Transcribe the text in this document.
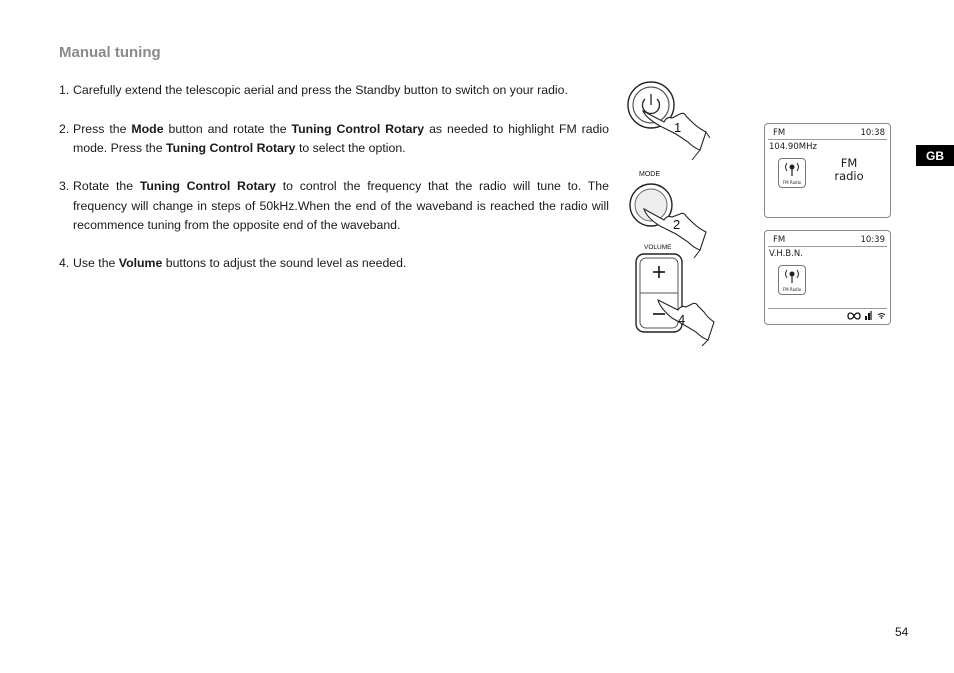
Manual tuning
1. Carefully extend the telescopic aerial and press the Standby button to switch on your radio.
2. Press the Mode button and rotate the Tuning Control Rotary as needed to highlight FM radio mode. Press the Tuning Control Rotary to select the option.
3. Rotate the Tuning Control Rotary to control the frequency that the radio will tune to. The frequency will change in steps of 50kHz.When the end of the waveband is reached the radio will recommence tuning from the opposite end of the waveband.
4. Use the Volume buttons to adjust the sound level as needed.
1
MODE
2
VOLUME
4
FM	10:38
104.90MHz
FM Radio
FM
radio
FM	10:39
V.H.B.N.
FM Radio
GB
54
